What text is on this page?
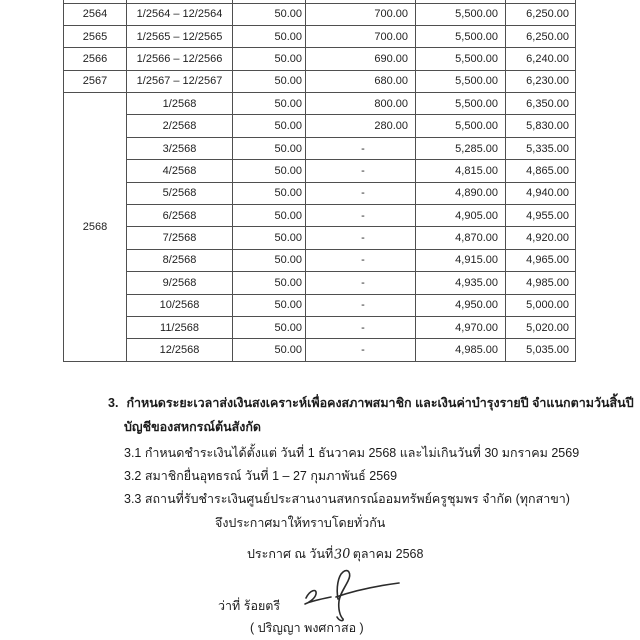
2564	1/2564 – 12/2564	50.00	700.00	5,500.00	6,250.00
2565	1/2565 – 12/2565	50.00	700.00	5,500.00	6,250.00
2566	1/2566 – 12/2566	50.00	690.00	5,500.00	6,240.00
2567	1/2567 – 12/2567	50.00	680.00	5,500.00	6,230.00
2568	1/2568	50.00	800.00	5,500.00	6,350.00
	2/2568	50.00	280.00	5,500.00	5,830.00
	3/2568	50.00	-	5,285.00	5,335.00
	4/2568	50.00	-	4,815.00	4,865.00
	5/2568	50.00	-	4,890.00	4,940.00
	6/2568	50.00	-	4,905.00	4,955.00
	7/2568	50.00	-	4,870.00	4,920.00
	8/2568	50.00	-	4,915.00	4,965.00
	9/2568	50.00	-	4,935.00	4,985.00
	10/2568	50.00	-	4,950.00	5,000.00
	11/2568	50.00	-	4,970.00	5,020.00
	12/2568	50.00	-	4,985.00	5,035.00
3. กำหนดระยะเวลาส่งเงินสงเคราะห์เพื่อคงสภาพสมาชิก และเงินค่าบำรุงรายปี จำแนกตามวันสิ้นปี
บัญชีของสหกรณ์ต้นสังกัด
3.1 กำหนดชำระเงินได้ตั้งแต่ วันที่ 1 ธันวาคม 2568 และไม่เกินวันที่ 30 มกราคม 2569
3.2 สมาชิกยื่นอุทธรณ์ วันที่ 1 – 27 กุมภาพันธ์ 2569
3.3 สถานที่รับชำระเงินศูนย์ประสานงานสหกรณ์ออมทรัพย์ครูชุมพร จำกัด (ทุกสาขา)
จึงประกาศมาให้ทราบโดยทั่วกัน
ประกาศ ณ วันที่30ตุลาคม 2568
ว่าที่ ร้อยตรี
( ปริญญา พงศกาสอ )
